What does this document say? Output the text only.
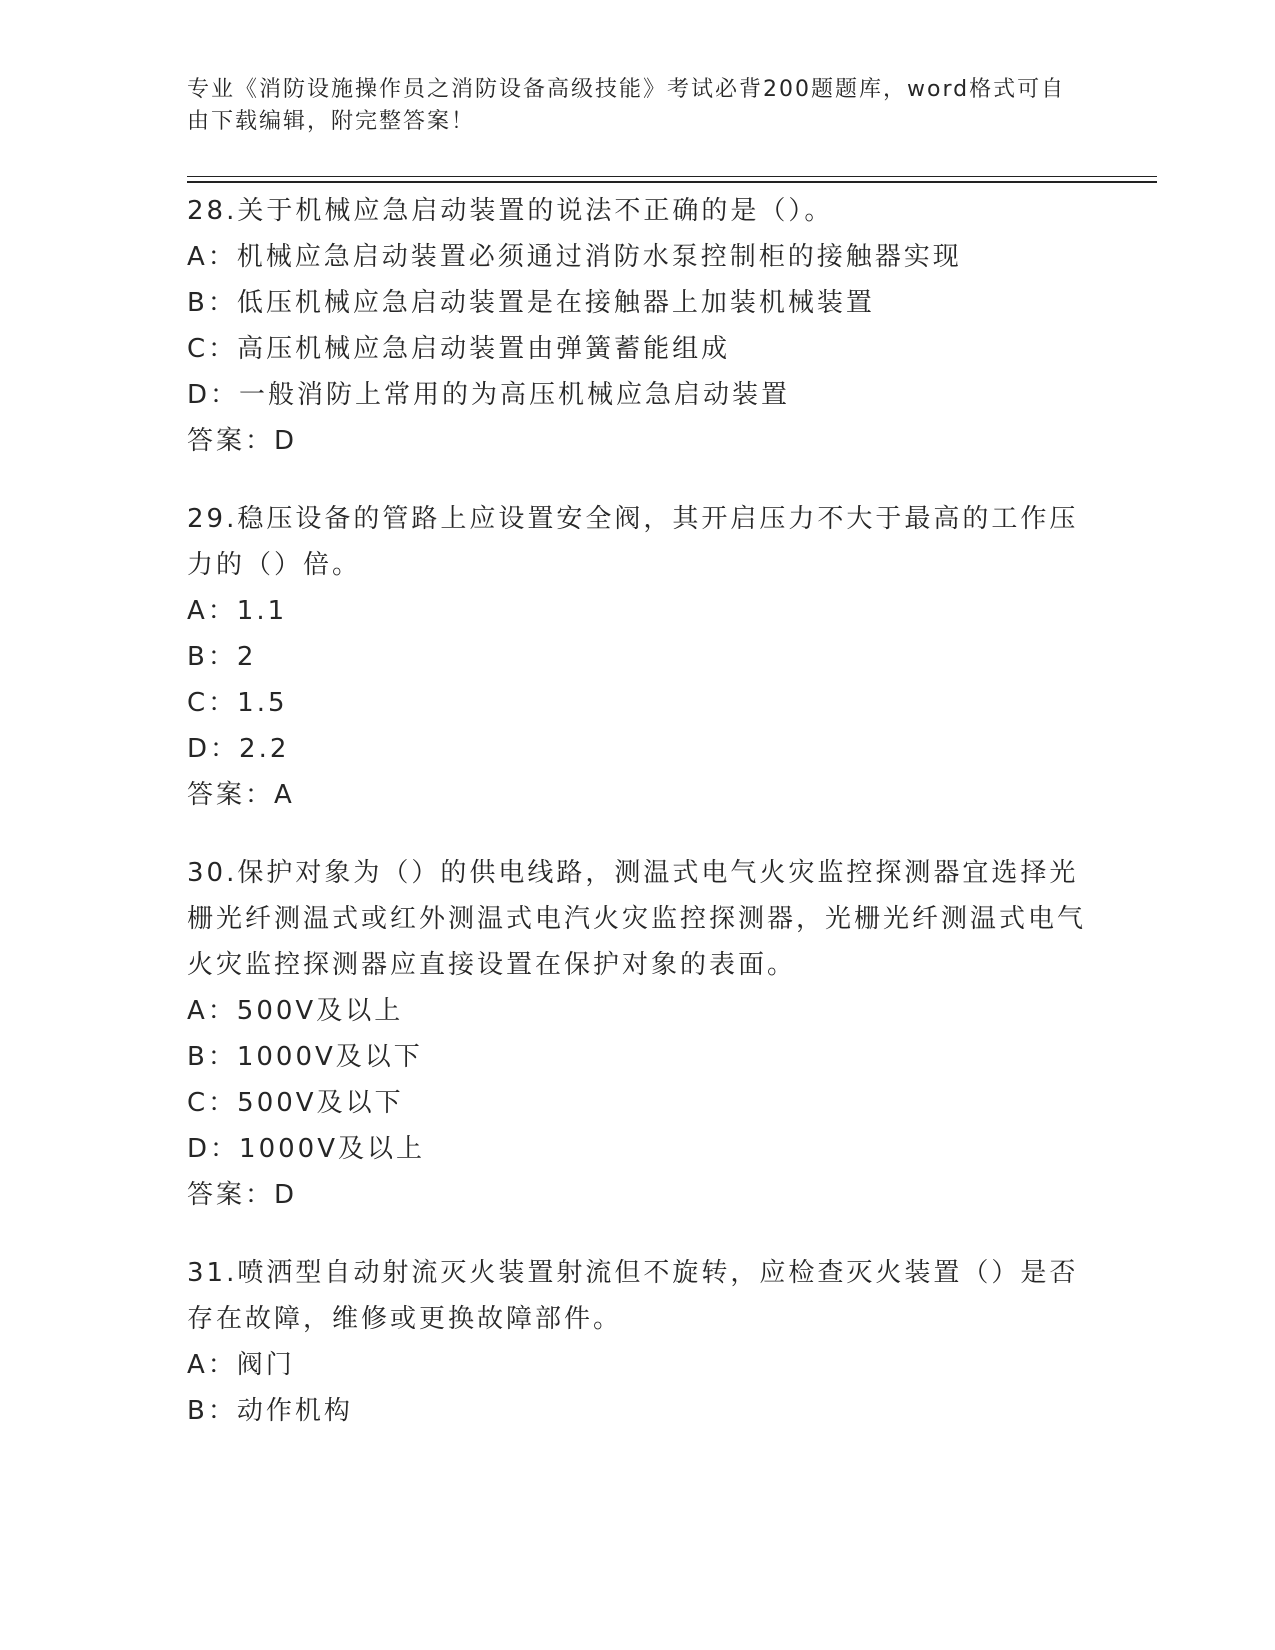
专业《消防设施操作员之消防设备高级技能》考试必背200题题库，word格式可自由下载编辑，附完整答案！
28.关于机械应急启动装置的说法不正确的是（）。
A：机械应急启动装置必须通过消防水泵控制柜的接触器实现
B：低压机械应急启动装置是在接触器上加装机械装置
C：高压机械应急启动装置由弹簧蓄能组成
D：一般消防上常用的为高压机械应急启动装置
答案：D
29.稳压设备的管路上应设置安全阀，其开启压力不大于最高的工作压力的（）倍。
A：1.1
B：2
C：1.5
D：2.2
答案：A
30.保护对象为（）的供电线路，测温式电气火灾监控探测器宜选择光栅光纤测温式或红外测温式电汽火灾监控探测器，光栅光纤测温式电气火灾监控探测器应直接设置在保护对象的表面。
A：500V及以上
B：1000V及以下
C：500V及以下
D：1000V及以上
答案：D
31.喷洒型自动射流灭火装置射流但不旋转，应检查灭火装置（）是否存在故障，维修或更换故障部件。
A：阀门
B：动作机构
